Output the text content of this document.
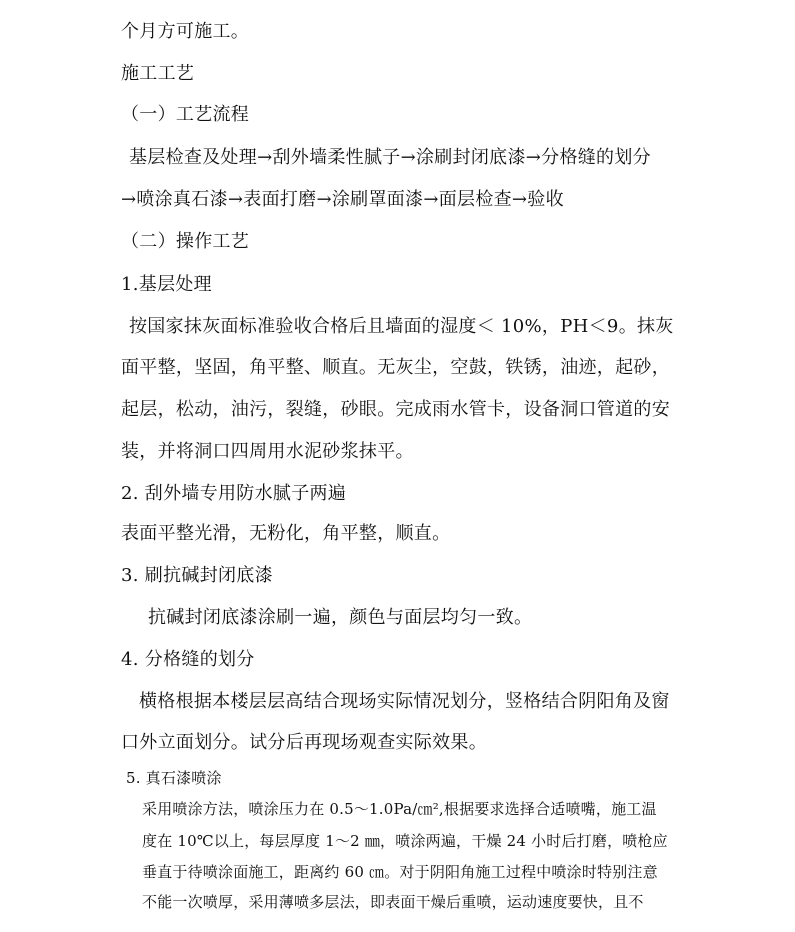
个月方可施工。
施工工艺
（一）工艺流程
基层检查及处理→刮外墙柔性腻子→涂刷封闭底漆→分格缝的划分
→喷涂真石漆→表面打磨→涂刷罩面漆→面层检查→验收
（二）操作工艺
1.基层处理
按国家抹灰面标准验收合格后且墙面的湿度＜ 10%，PH＜9。抹灰
面平整，坚固，角平整、顺直。无灰尘，空鼓，铁锈，油迹，起砂，
起层，松动，油污，裂缝，砂眼。完成雨水管卡，设备洞口管道的安
装，并将洞口四周用水泥砂浆抹平。
2. 刮外墙专用防水腻子两遍
表面平整光滑，无粉化，角平整，顺直。
3. 刷抗碱封闭底漆
抗碱封闭底漆涂刷一遍，颜色与面层均匀一致。
4. 分格缝的划分
横格根据本楼层层高结合现场实际情况划分，竖格结合阴阳角及窗
口外立面划分。试分后再现场观查实际效果。
5. 真石漆喷涂
采用喷涂方法，喷涂压力在 0.5～1.0Pa/㎝²,根据要求选择合适喷嘴，施工温
度在 10℃以上，每层厚度 1～2 ㎜，喷涂两遍，干燥 24 小时后打磨，喷枪应
垂直于待喷涂面施工，距离约 60 ㎝。对于阴阳角施工过程中喷涂时特别注意
不能一次喷厚，采用薄喷多层法，即表面干燥后重喷，运动速度要快，且不
